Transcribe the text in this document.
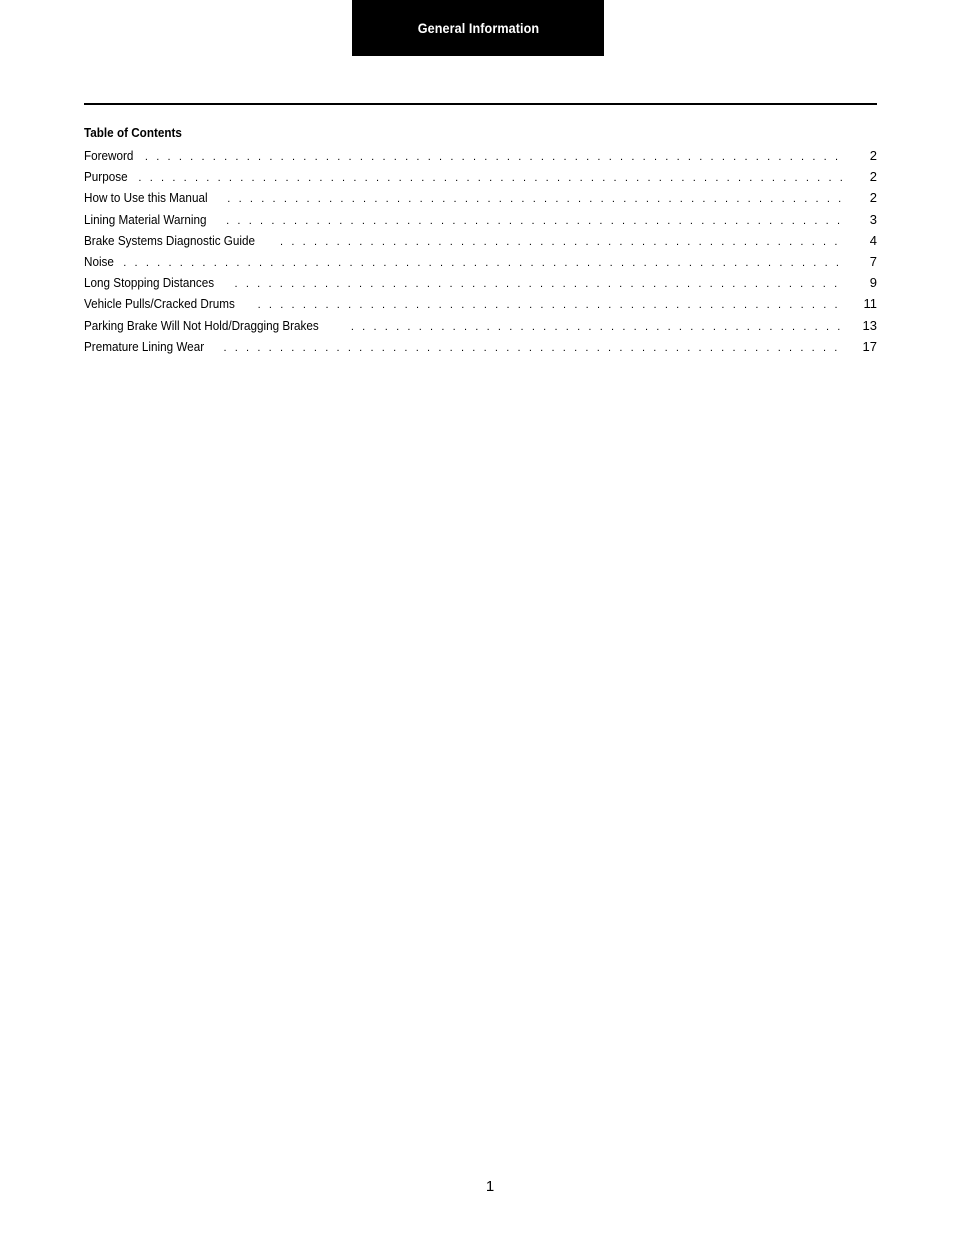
General Information
Table of Contents
Foreword . . .	2
Purpose . . .	2
How to Use this Manual . . .	2
Lining Material Warning . . .	3
Brake Systems Diagnostic Guide . . .	4
Noise . . .	7
Long Stopping Distances . . .	9
Vehicle Pulls/Cracked Drums . . .	11
Parking Brake Will Not Hold/Dragging Brakes . . .	13
Premature Lining Wear . . .	17
1
